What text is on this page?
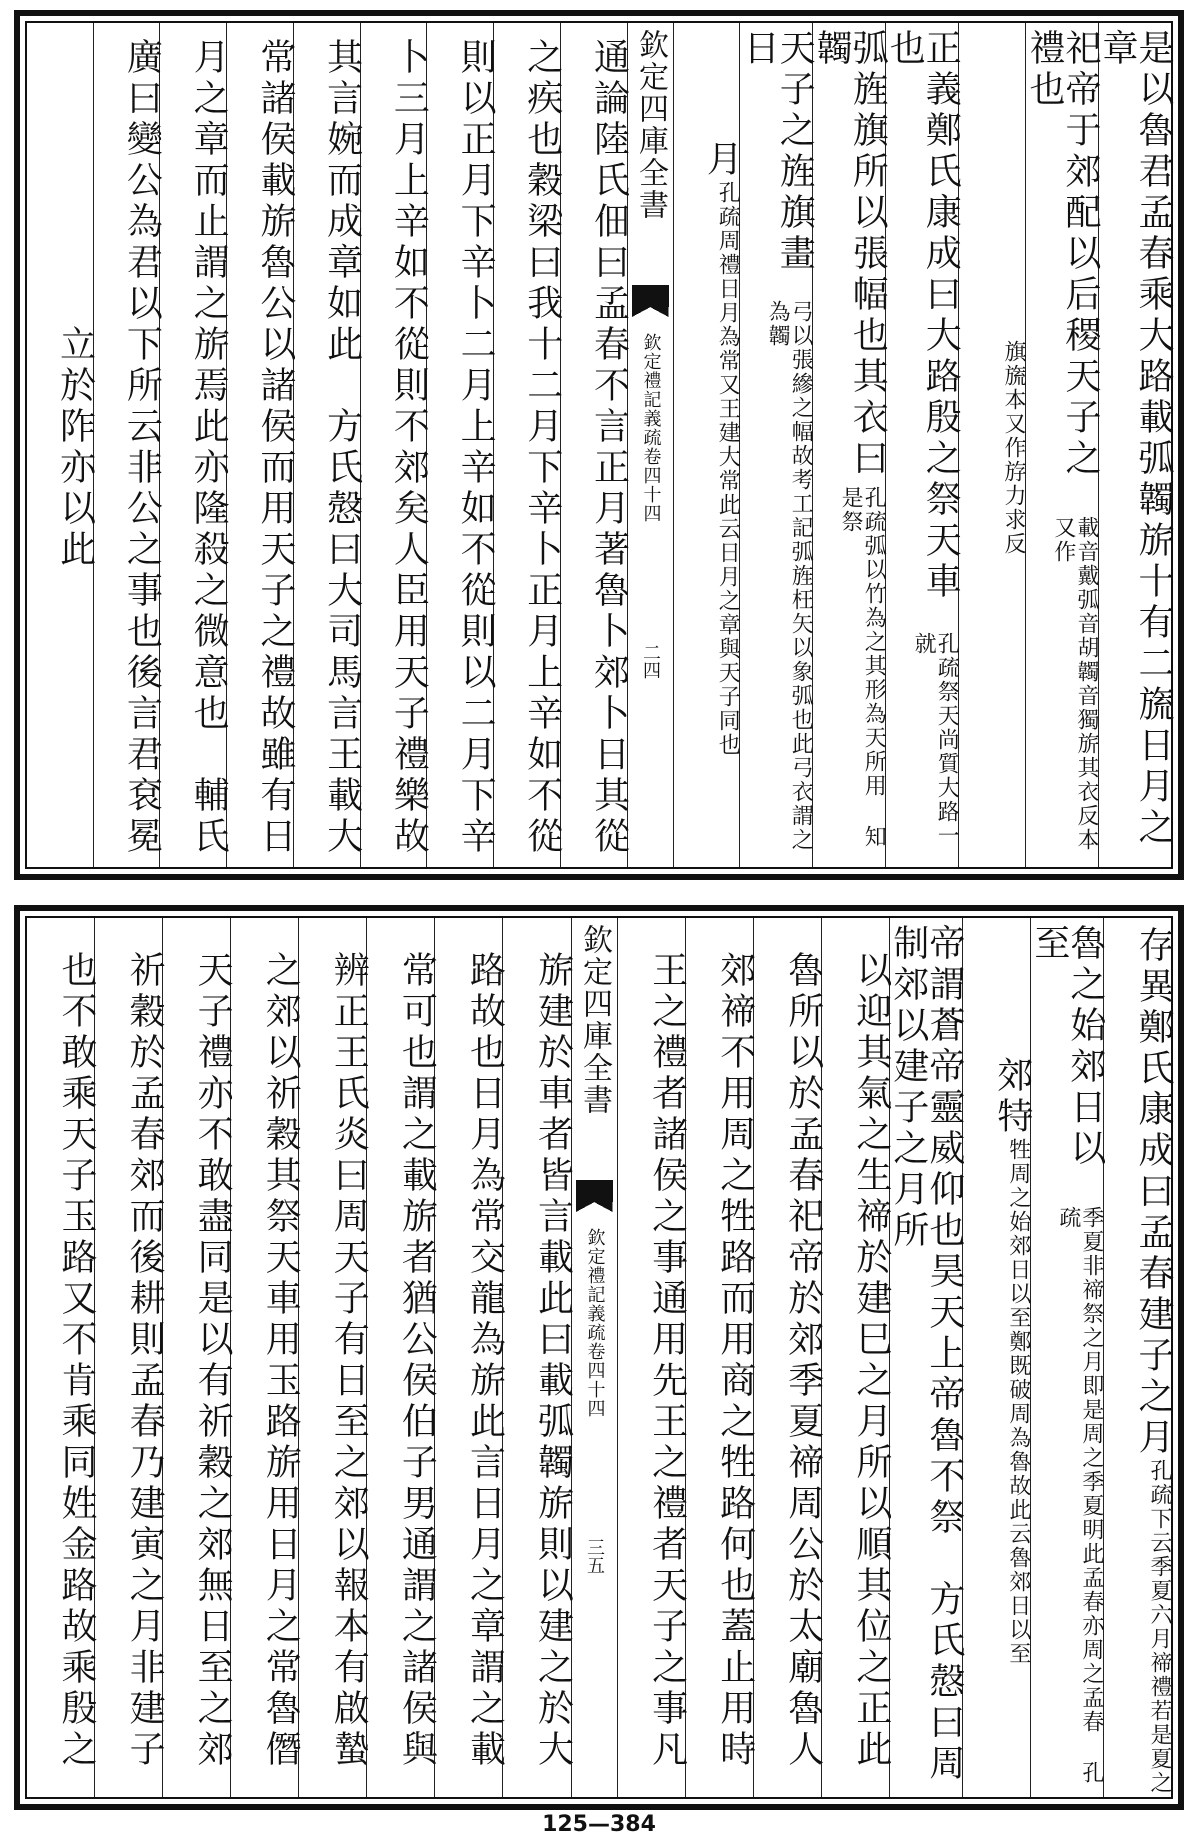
是以魯君孟春乘大路載弧韣旂十有二旒日月之章
祀帝于郊配以后稷天子之禮也
載音戴弧音胡韣音獨旂其衣反本又作
旗旒本又作斿力求反
正義鄭氏康成曰大路殷之祭天車也
孔疏祭天尚質大路一就
弧旌旗所以張幅也其衣曰韣
孔疏弧以竹為之其形為天所用 知是祭
天子之旌旗畫日
弓以張縿之幅故考工記弧旌枉矢以象弧也此弓衣謂之為韣
月
孔疏周禮日月為常又王建大常此云日月之章與天子同也
欽定四庫全書
欽定禮記義疏卷四十四
二四
通論陸氏佃曰孟春不言正月著魯卜郊卜日其從
之疾也穀梁曰我十二月下辛卜正月上辛如不從
則以正月下辛卜二月上辛如不從則以二月下辛
卜三月上辛如不從則不郊矣人臣用天子禮樂故
其言婉而成章如此　方氏慤曰大司馬言王載大
常諸侯載旂魯公以諸侯而用天子之禮故雖有日
月之章而止謂之旂焉此亦隆殺之微意也　輔氏
廣曰變公為君以下所云非公之事也後言君袞冕
立於阼亦以此
存異鄭氏康成曰孟春建子之月
孔疏下云季夏六月禘禮若是夏之
魯之始郊日以至
季夏非禘祭之月即是周之季夏明此孟春亦周之孟春 孔疏
郊特
牲周之始郊日以至鄭既破周為魯故此云魯郊日以至
帝謂蒼帝靈威仰也昊天上帝魯不祭　方氏慤曰周制郊以建子之月所
以迎其氣之生禘於建巳之月所以順其位之正此
魯所以於孟春祀帝於郊季夏禘周公於太廟魯人
郊禘不用周之牲路而用商之牲路何也蓋止用時
王之禮者諸侯之事通用先王之禮者天子之事凡
欽定四庫全書
欽定禮記義疏卷四十四
三五
旂建於車者皆言載此曰載弧韣旂則以建之於大
路故也日月為常交龍為旂此言日月之章謂之載
常可也謂之載旂者猶公侯伯子男通謂之諸侯與
辨正王氏炎曰周天子有日至之郊以報本有啟蟄
之郊以祈穀其祭天車用玉路旂用日月之常魯僭
天子禮亦不敢盡同是以有祈穀之郊無日至之郊
祈穀於孟春郊而後耕則孟春乃建寅之月非建子
也不敢乘天子玉路又不肯乘同姓金路故乘殷之
125—384
